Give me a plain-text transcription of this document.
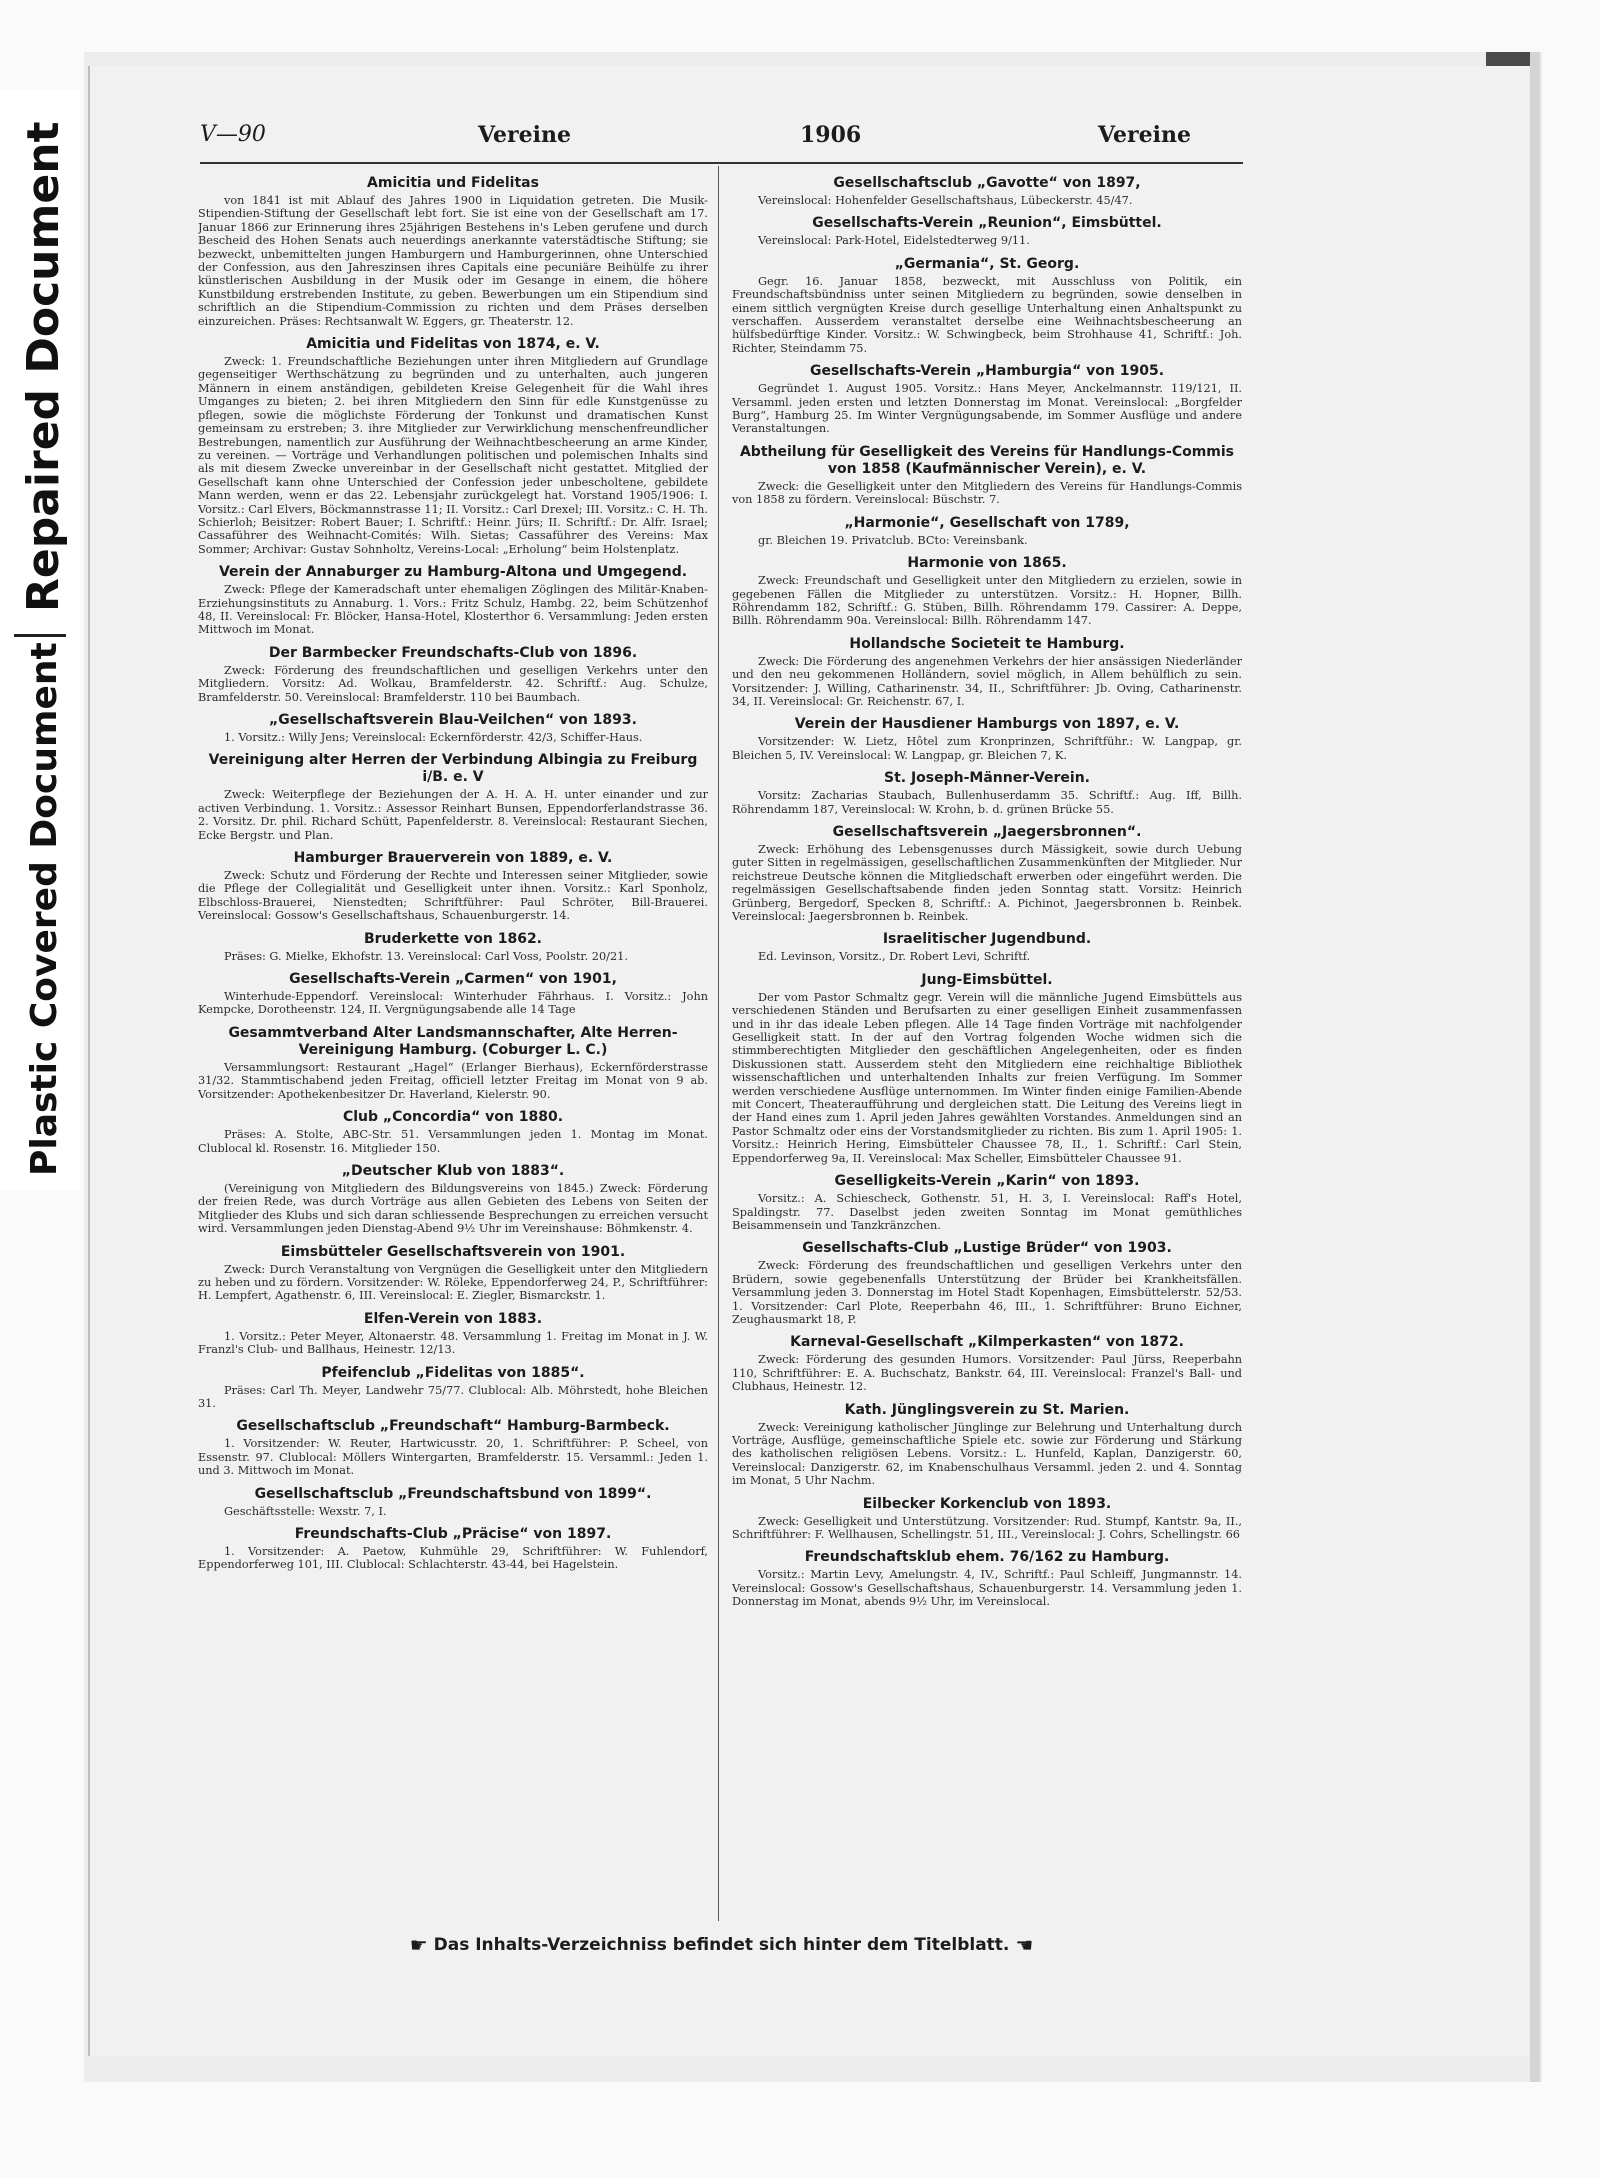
Repaired Document
Plastic Covered Document
V—90	Vereine	1906	Vereine
Amicitia und Fidelitas

von 1841 ist mit Ablauf des Jahres 1900 in Liquidation getreten. Die Musik-Stipendien-Stiftung der Gesellschaft lebt fort. Sie ist eine von der Gesellschaft am 17. Januar 1866 zur Erinnerung ihres 25jährigen Bestehens in's Leben gerufene und durch Bescheid des Hohen Senats auch neuerdings anerkannte vaterstädtische Stiftung; sie bezweckt, unbemittelten jungen Hamburgern und Hamburgerinnen, ohne Unterschied der Confession, aus den Jahreszinsen ihres Capitals eine pecuniäre Beihülfe zu ihrer künstlerischen Ausbildung in der Musik oder im Gesange in einem, die höhere Kunstbildung erstrebenden Institute, zu geben. Bewerbungen um ein Stipendium sind schriftlich an die Stipendium-Commission zu richten und dem Präses derselben einzureichen. Präses: Rechtsanwalt W. Eggers, gr. Theaterstr. 12.

Amicitia und Fidelitas von 1874, e. V.

Zweck: 1. Freundschaftliche Beziehungen unter ihren Mitgliedern auf Grundlage gegenseitiger Werthschätzung zu begründen und zu unterhalten, auch jungeren Männern in einem anständigen, gebildeten Kreise Gelegenheit für die Wahl ihres Umganges zu bieten; 2. bei ihren Mitgliedern den Sinn für edle Kunstgenüsse zu pflegen, sowie die möglichste Förderung der Tonkunst und dramatischen Kunst gemeinsam zu erstreben; 3. ihre Mitglieder zur Verwirklichung menschenfreundlicher Bestrebungen, namentlich zur Ausführung der Weihnachtbescheerung an arme Kinder, zu vereinen. — Vorträge und Verhandlungen politischen und polemischen Inhalts sind als mit diesem Zwecke unvereinbar in der Gesellschaft nicht gestattet. Mitglied der Gesellschaft kann ohne Unterschied der Confession jeder unbescholtene, gebildete Mann werden, wenn er das 22. Lebensjahr zurückgelegt hat. Vorstand 1905/1906: I. Vorsitz.: Carl Elvers, Böckmannstrasse 11; II. Vorsitz.: Carl Drexel; III. Vorsitz.: C. H. Th. Schierloh; Beisitzer: Robert Bauer; I. Schriftf.: Heinr. Jürs; II. Schriftf.: Dr. Alfr. Israel; Cassaführer des Weihnacht-Comités: Wilh. Sietas; Cassaführer des Vereins: Max Sommer; Archivar: Gustav Sohnholtz, Vereins-Local: „Erholung“ beim Holstenplatz.

Verein der Annaburger zu Hamburg-Altona und Umgegend.

Zweck: Pflege der Kameradschaft unter ehemaligen Zöglingen des Militär-Knaben-Erziehungsinstituts zu Annaburg. 1. Vors.: Fritz Schulz, Hambg. 22, beim Schützenhof 48, II. Vereinslocal: Fr. Blöcker, Hansa-Hotel, Klosterthor 6. Versammlung: Jeden ersten Mittwoch im Monat.

Der Barmbecker Freundschafts-Club von 1896.

Zweck: Förderung des freundschaftlichen und geselligen Verkehrs unter den Mitgliedern. Vorsitz: Ad. Wolkau, Bramfelderstr. 42. Schriftf.: Aug. Schulze, Bramfelderstr. 50. Vereinslocal: Bramfelderstr. 110 bei Baumbach.

„Gesellschaftsverein Blau-Veilchen“ von 1893.

1. Vorsitz.: Willy Jens; Vereinslocal: Eckernförderstr. 42/3, Schiffer-Haus.

Vereinigung alter Herren der Verbindung Albingia zu Freiburg i/B. e. V

Zweck: Weiterpflege der Beziehungen der A. H. A. H. unter einander und zur activen Verbindung. 1. Vorsitz.: Assessor Reinhart Bunsen, Eppendorferlandstrasse 36. 2. Vorsitz. Dr. phil. Richard Schütt, Papenfelderstr. 8. Vereinslocal: Restaurant Siechen, Ecke Bergstr. und Plan.

Hamburger Brauerverein von 1889, e. V.

Zweck: Schutz und Förderung der Rechte und Interessen seiner Mitglieder, sowie die Pflege der Collegialität und Geselligkeit unter ihnen. Vorsitz.: Karl Sponholz, Elbschloss-Brauerei, Nienstedten; Schriftführer: Paul Schröter, Bill-Brauerei. Vereinslocal: Gossow's Gesellschaftshaus, Schauenburgerstr. 14.

Bruderkette von 1862.

Präses: G. Mielke, Ekhofstr. 13. Vereinslocal: Carl Voss, Poolstr. 20/21.

Gesellschafts-Verein „Carmen“ von 1901,

Winterhude-Eppendorf. Vereinslocal: Winterhuder Fährhaus. I. Vorsitz.: John Kempcke, Dorotheenstr. 124, II. Vergnügungsabende alle 14 Tage

Gesammtverband Alter Landsmannschafter, Alte Herren-Vereinigung Hamburg. (Coburger L. C.)

Versammlungsort: Restaurant „Hagel“ (Erlanger Bierhaus), Eckernförderstrasse 31/32. Stammtischabend jeden Freitag, officiell letzter Freitag im Monat von 9 ab. Vorsitzender: Apothekenbesitzer Dr. Haverland, Kielerstr. 90.

Club „Concordia“ von 1880.

Präses: A. Stolte, ABC-Str. 51. Versammlungen jeden 1. Montag im Monat. Clublocal kl. Rosenstr. 16. Mitglieder 150.

„Deutscher Klub von 1883“.

(Vereinigung von Mitgliedern des Bildungsvereins von 1845.) Zweck: Förderung der freien Rede, was durch Vorträge aus allen Gebieten des Lebens von Seiten der Mitglieder des Klubs und sich daran schliessende Besprechungen zu erreichen versucht wird. Versammlungen jeden Dienstag-Abend 9½ Uhr im Vereinshause: Böhmkenstr. 4.

Eimsbütteler Gesellschaftsverein von 1901.

Zweck: Durch Veranstaltung von Vergnügen die Geselligkeit unter den Mitgliedern zu heben und zu fördern. Vorsitzender: W. Röleke, Eppendorferweg 24, P., Schriftführer: H. Lempfert, Agathenstr. 6, III. Vereinslocal: E. Ziegler, Bismarckstr. 1.

Elfen-Verein von 1883.

1. Vorsitz.: Peter Meyer, Altonaerstr. 48. Versammlung 1. Freitag im Monat in J. W. Franzl's Club- und Ballhaus, Heinestr. 12/13.

Pfeifenclub „Fidelitas von 1885“.

Präses: Carl Th. Meyer, Landwehr 75/77. Clublocal: Alb. Möhrstedt, hohe Bleichen 31.

Gesellschaftsclub „Freundschaft“ Hamburg-Barmbeck.

1. Vorsitzender: W. Reuter, Hartwicusstr. 20, 1. Schriftführer: P. Scheel, von Essenstr. 97. Clublocal: Möllers Wintergarten, Bramfelderstr. 15. Versamml.: Jeden 1. und 3. Mittwoch im Monat.

Gesellschaftsclub „Freundschaftsbund von 1899“.

Geschäftsstelle: Wexstr. 7, I.

Freundschafts-Club „Präcise“ von 1897.

1. Vorsitzender: A. Paetow, Kuhmühle 29, Schriftführer: W. Fuhlendorf, Eppendorferweg 101, III. Clublocal: Schlachterstr. 43-44, bei Hagelstein.

Gesellschaftsclub „Gavotte“ von 1897,

Vereinslocal: Hohenfelder Gesellschaftshaus, Lübeckerstr. 45/47.

Gesellschafts-Verein „Reunion“, Eimsbüttel.

Vereinslocal: Park-Hotel, Eidelstedterweg 9/11.

„Germania“, St. Georg.

Gegr. 16. Januar 1858, bezweckt, mit Ausschluss von Politik, ein Freundschaftsbündniss unter seinen Mitgliedern zu begründen, sowie denselben in einem sittlich vergnügten Kreise durch gesellige Unterhaltung einen Anhaltspunkt zu verschaffen. Ausserdem veranstaltet derselbe eine Weihnachtsbescheerung an hülfsbedürftige Kinder. Vorsitz.: W. Schwingbeck, beim Strohhause 41, Schriftf.: Joh. Richter, Steindamm 75.

Gesellschafts-Verein „Hamburgia“ von 1905.

Gegründet 1. August 1905. Vorsitz.: Hans Meyer, Anckelmannstr. 119/121, II. Versamml. jeden ersten und letzten Donnerstag im Monat. Vereinslocal: „Borgfelder Burg“, Hamburg 25. Im Winter Vergnügungsabende, im Sommer Ausflüge und andere Veranstaltungen.

Abtheilung für Geselligkeit des Vereins für Handlungs-Commis von 1858 (Kaufmännischer Verein), e. V.

Zweck: die Geselligkeit unter den Mitgliedern des Vereins für Handlungs-Commis von 1858 zu fördern. Vereinslocal: Büschstr. 7.

„Harmonie“, Gesellschaft von 1789,

gr. Bleichen 19. Privatclub. BCto: Vereinsbank.

Harmonie von 1865.

Zweck: Freundschaft und Geselligkeit unter den Mitgliedern zu erzielen, sowie in gegebenen Fällen die Mitglieder zu unterstützen. Vorsitz.: H. Hopner, Billh. Röhrendamm 182, Schriftf.: G. Stüben, Billh. Röhrendamm 179. Cassirer: A. Deppe, Billh. Röhrendamm 90a. Vereinslocal: Billh. Röhrendamm 147.

Hollandsche Societeit te Hamburg.

Zweck: Die Förderung des angenehmen Verkehrs der hier ansässigen Niederländer und den neu gekommenen Holländern, soviel möglich, in Allem behülflich zu sein. Vorsitzender: J. Willing, Catharinenstr. 34, II., Schriftführer: Jb. Oving, Catharinenstr. 34, II. Vereinslocal: Gr. Reichenstr. 67, I.

Verein der Hausdiener Hamburgs von 1897, e. V.

Vorsitzender: W. Lietz, Hôtel zum Kronprinzen, Schriftführ.: W. Langpap, gr. Bleichen 5, IV. Vereinslocal: W. Langpap, gr. Bleichen 7, K.

St. Joseph-Männer-Verein.

Vorsitz: Zacharias Staubach, Bullenhuserdamm 35. Schriftf.: Aug. Iff, Billh. Röhrendamm 187, Vereinslocal: W. Krohn, b. d. grünen Brücke 55.

Gesellschaftsverein „Jaegersbronnen“.

Zweck: Erhöhung des Lebensgenusses durch Mässigkeit, sowie durch Uebung guter Sitten in regelmässigen, gesellschaftlichen Zusammenkünften der Mitglieder. Nur reichstreue Deutsche können die Mitgliedschaft erwerben oder eingeführt werden. Die regelmässigen Gesellschaftsabende finden jeden Sonntag statt. Vorsitz: Heinrich Grünberg, Bergedorf, Specken 8, Schriftf.: A. Pichinot, Jaegersbronnen b. Reinbek. Vereinslocal: Jaegersbronnen b. Reinbek.

Israelitischer Jugendbund.

Ed. Levinson, Vorsitz., Dr. Robert Levi, Schriftf.

Jung-Eimsbüttel.

Der vom Pastor Schmaltz gegr. Verein will die männliche Jugend Eimsbüttels aus verschiedenen Ständen und Berufsarten zu einer geselligen Einheit zusammenfassen und in ihr das ideale Leben pflegen. Alle 14 Tage finden Vorträge mit nachfolgender Geselligkeit statt. In der auf den Vortrag folgenden Woche widmen sich die stimmberechtigten Mitglieder den geschäftlichen Angelegenheiten, oder es finden Diskussionen statt. Ausserdem steht den Mitgliedern eine reichhaltige Bibliothek wissenschaftlichen und unterhaltenden Inhalts zur freien Verfügung. Im Sommer werden verschiedene Ausflüge unternommen. Im Winter finden einige Familien-Abende mit Concert, Theateraufführung und dergleichen statt. Die Leitung des Vereins liegt in der Hand eines zum 1. April jeden Jahres gewählten Vorstandes. Anmeldungen sind an Pastor Schmaltz oder eins der Vorstandsmitglieder zu richten. Bis zum 1. April 1905: 1. Vorsitz.: Heinrich Hering, Eimsbütteler Chaussee 78, II., 1. Schriftf.: Carl Stein, Eppendorferweg 9a, II. Vereinslocal: Max Scheller, Eimsbütteler Chaussee 91.

Geselligkeits-Verein „Karin“ von 1893.

Vorsitz.: A. Schiescheck, Gothenstr. 51, H. 3, I. Vereinslocal: Raff's Hotel, Spaldingstr. 77. Daselbst jeden zweiten Sonntag im Monat gemüthliches Beisammensein und Tanzkränzchen.

Gesellschafts-Club „Lustige Brüder“ von 1903.

Zweck: Förderung des freundschaftlichen und geselligen Verkehrs unter den Brüdern, sowie gegebenenfalls Unterstützung der Brüder bei Krankheitsfällen. Versammlung jeden 3. Donnerstag im Hotel Stadt Kopenhagen, Eimsbüttelerstr. 52/53. 1. Vorsitzender: Carl Plote, Reeperbahn 46, III., 1. Schriftführer: Bruno Eichner, Zeughausmarkt 18, P.

Karneval-Gesellschaft „Kilmperkasten“ von 1872.

Zweck: Förderung des gesunden Humors. Vorsitzender: Paul Jürss, Reeperbahn 110, Schriftführer: E. A. Buchschatz, Bankstr. 64, III. Vereinslocal: Franzel's Ball- und Clubhaus, Heinestr. 12.

Kath. Jünglingsverein zu St. Marien.

Zweck: Vereinigung katholischer Jünglinge zur Belehrung und Unterhaltung durch Vorträge, Ausflüge, gemeinschaftliche Spiele etc. sowie zur Förderung und Stärkung des katholischen religiösen Lebens. Vorsitz.: L. Hunfeld, Kaplan, Danzigerstr. 60, Vereinslocal: Danzigerstr. 62, im Knabenschulhaus Versamml. jeden 2. und 4. Sonntag im Monat, 5 Uhr Nachm.

Eilbecker Korkenclub von 1893.

Zweck: Geselligkeit und Unterstützung. Vorsitzender: Rud. Stumpf, Kantstr. 9a, II., Schriftführer: F. Wellhausen, Schellingstr. 51, III., Vereinslocal: J. Cohrs, Schellingstr. 66

Freundschaftsklub ehem. 76/162 zu Hamburg.

Vorsitz.: Martin Levy, Amelungstr. 4, IV., Schriftf.: Paul Schleiff, Jungmannstr. 14. Vereinslocal: Gossow's Gesellschaftshaus, Schauenburgerstr. 14. Versammlung jeden 1. Donnerstag im Monat, abends 9½ Uhr, im Vereinslocal.

☛ Das Inhalts-Verzeichniss befindet sich hinter dem Titelblatt. ☚
